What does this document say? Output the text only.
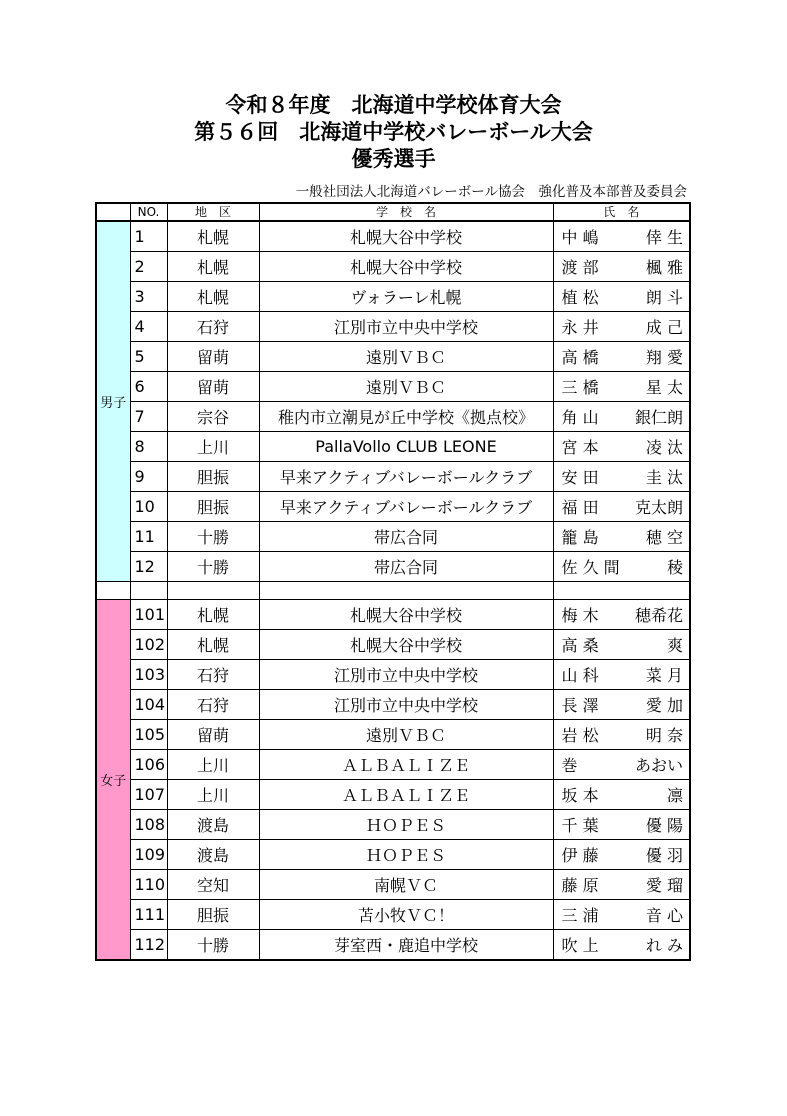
令和８年度　北海道中学校体育大会
第５６回　北海道中学校バレーボール大会
優秀選手
一般社団法人北海道バレーボール協会　強化普及本部普及委員会
	NO.	地　区	学　校　名	氏　名
男子	1	札幌	札幌大谷中学校	中 嶋 倖 生

	2	札幌	札幌大谷中学校	渡 部 楓 雅

	3	札幌	ヴォラーレ札幌	植 松 朗 斗

	4	石狩	江別市立中央中学校	永 井 成 己

	5	留萌	遠別ＶＢＣ	高 橋 翔 愛

	6	留萌	遠別ＶＢＣ	三 橋 星 太

	7	宗谷	稚内市立潮見が丘中学校《拠点校》	角 山 銀仁朗

	8	上川	PallaVollo CLUB LEONE	宮 本 凌 汰

	9	胆振	早来アクティブバレーボールクラブ	安 田 圭 汰

	10	胆振	早来アクティブバレーボールクラブ	福 田 克太朗

	11	十勝	帯広合同	籠 島 穂 空

	12	十勝	帯広合同	佐 久 間 稜

女子	101	札幌	札幌大谷中学校	梅 木 穂希花

	102	札幌	札幌大谷中学校	高 桑 爽

	103	石狩	江別市立中央中学校	山 科 菜 月

	104	石狩	江別市立中央中学校	長 澤 愛 加

	105	留萌	遠別ＶＢＣ	岩 松 明 奈

	106	上川	ＡＬＢＡＬＩＺＥ	巻 あおい

	107	上川	ＡＬＢＡＬＩＺＥ	坂 本 凛

	108	渡島	ＨＯＰＥＳ	千 葉 優 陽

	109	渡島	ＨＯＰＥＳ	伊 藤 優 羽

	110	空知	南幌ＶＣ	藤 原 愛 瑠

	111	胆振	苫小牧ＶＣ！	三 浦 音 心

	112	十勝	芽室西・鹿追中学校	吹 上 れ み
